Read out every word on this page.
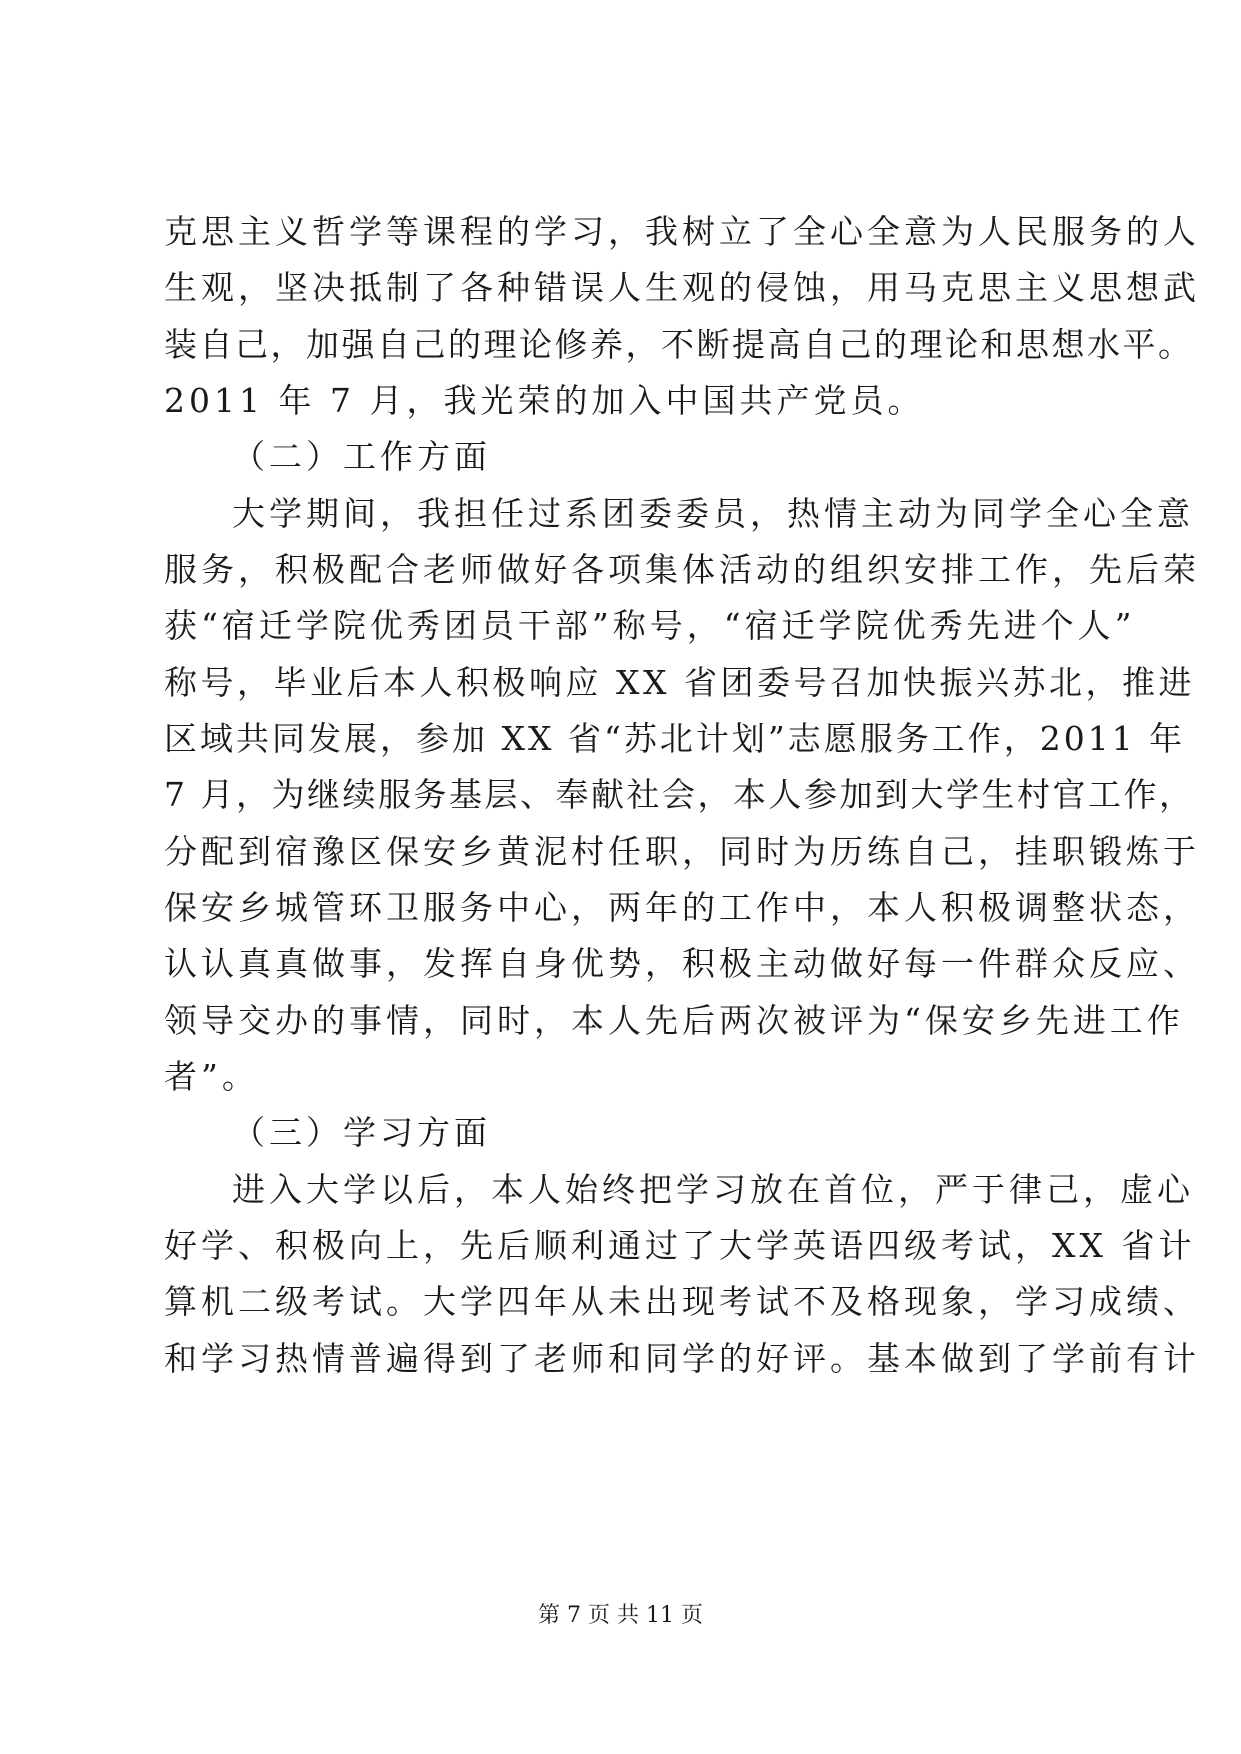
克思主义哲学等课程的学习，我树立了全心全意为人民服务的人
生观，坚决抵制了各种错误人生观的侵蚀，用马克思主义思想武
装自己，加强自己的理论修养，不断提高自己的理论和思想水平。
2011 年 7 月，我光荣的加入中国共产党员。
（二）工作方面
大学期间，我担任过系团委委员，热情主动为同学全心全意
服务，积极配合老师做好各项集体活动的组织安排工作，先后荣
获“宿迁学院优秀团员干部”称号，“宿迁学院优秀先进个人”
称号，毕业后本人积极响应 XX 省团委号召加快振兴苏北，推进
区域共同发展，参加 XX 省“苏北计划”志愿服务工作，2011 年
7 月，为继续服务基层、奉献社会，本人参加到大学生村官工作，
分配到宿豫区保安乡黄泥村任职，同时为历练自己，挂职锻炼于
保安乡城管环卫服务中心，两年的工作中，本人积极调整状态，
认认真真做事，发挥自身优势，积极主动做好每一件群众反应、
领导交办的事情，同时，本人先后两次被评为“保安乡先进工作
者”。
（三）学习方面
进入大学以后，本人始终把学习放在首位，严于律己，虚心
好学、积极向上，先后顺利通过了大学英语四级考试，XX 省计
算机二级考试。大学四年从未出现考试不及格现象，学习成绩、
和学习热情普遍得到了老师和同学的好评。基本做到了学前有计
第 7 页 共 11 页
